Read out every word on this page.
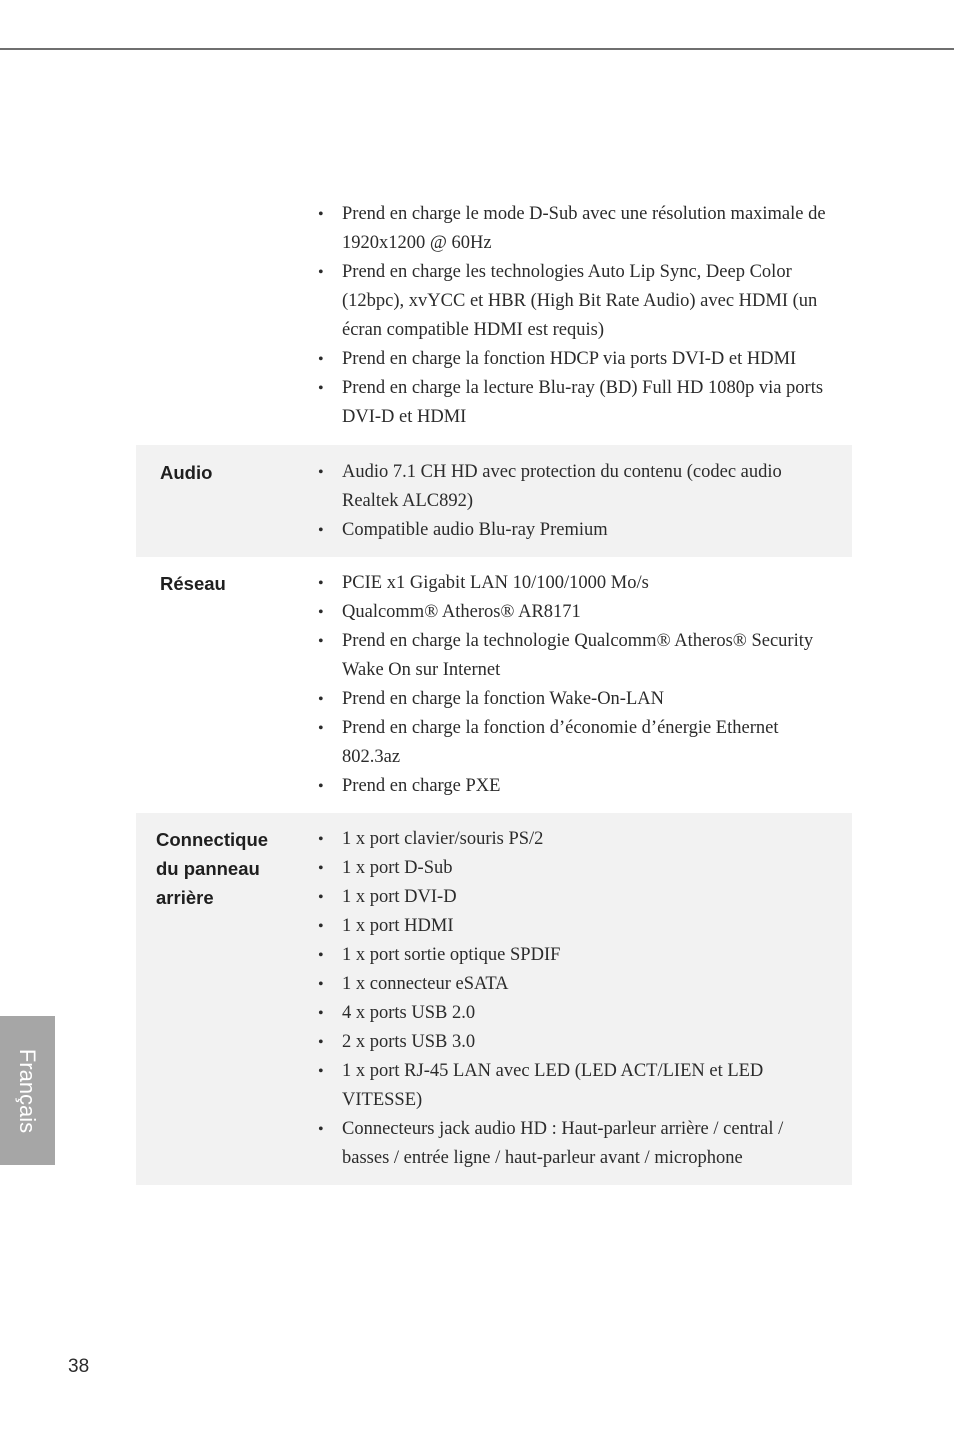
• Prend en charge le mode D-Sub avec une résolution maximale de 1920x1200 @ 60Hz
• Prend en charge les technologies Auto Lip Sync, Deep Color (12bpc), xvYCC et HBR (High Bit Rate Audio) avec HDMI (un écran compatible HDMI est requis)
• Prend en charge la fonction HDCP via ports DVI-D et HDMI
• Prend en charge la lecture Blu-ray (BD) Full HD 1080p via ports DVI-D et HDMI
Audio	• Audio 7.1 CH HD avec protection du contenu (codec audio Realtek ALC892)
• Compatible audio Blu-ray Premium
Réseau	• PCIE x1 Gigabit LAN 10/100/1000 Mo/s
• Qualcomm® Atheros® AR8171
• Prend en charge la technologie Qualcomm® Atheros® Security Wake On sur Internet
• Prend en charge la fonction Wake-On-LAN
• Prend en charge la fonction d’économie d’énergie Ethernet 802.3az
• Prend en charge PXE
Connectique
du panneau
arrière
• 1 x port clavier/souris PS/2
• 1 x port D-Sub
• 1 x port DVI-D
• 1 x port HDMI
• 1 x port sortie optique SPDIF
• 1 x connecteur eSATA
• 4 x ports USB 2.0
• 2 x ports USB 3.0
• 1 x port RJ-45 LAN avec LED (LED ACT/LIEN et LED VITESSE)
• Connecteurs jack audio HD : Haut-parleur arrière / central / basses / entrée ligne / haut-parleur avant / microphone
Français
38
